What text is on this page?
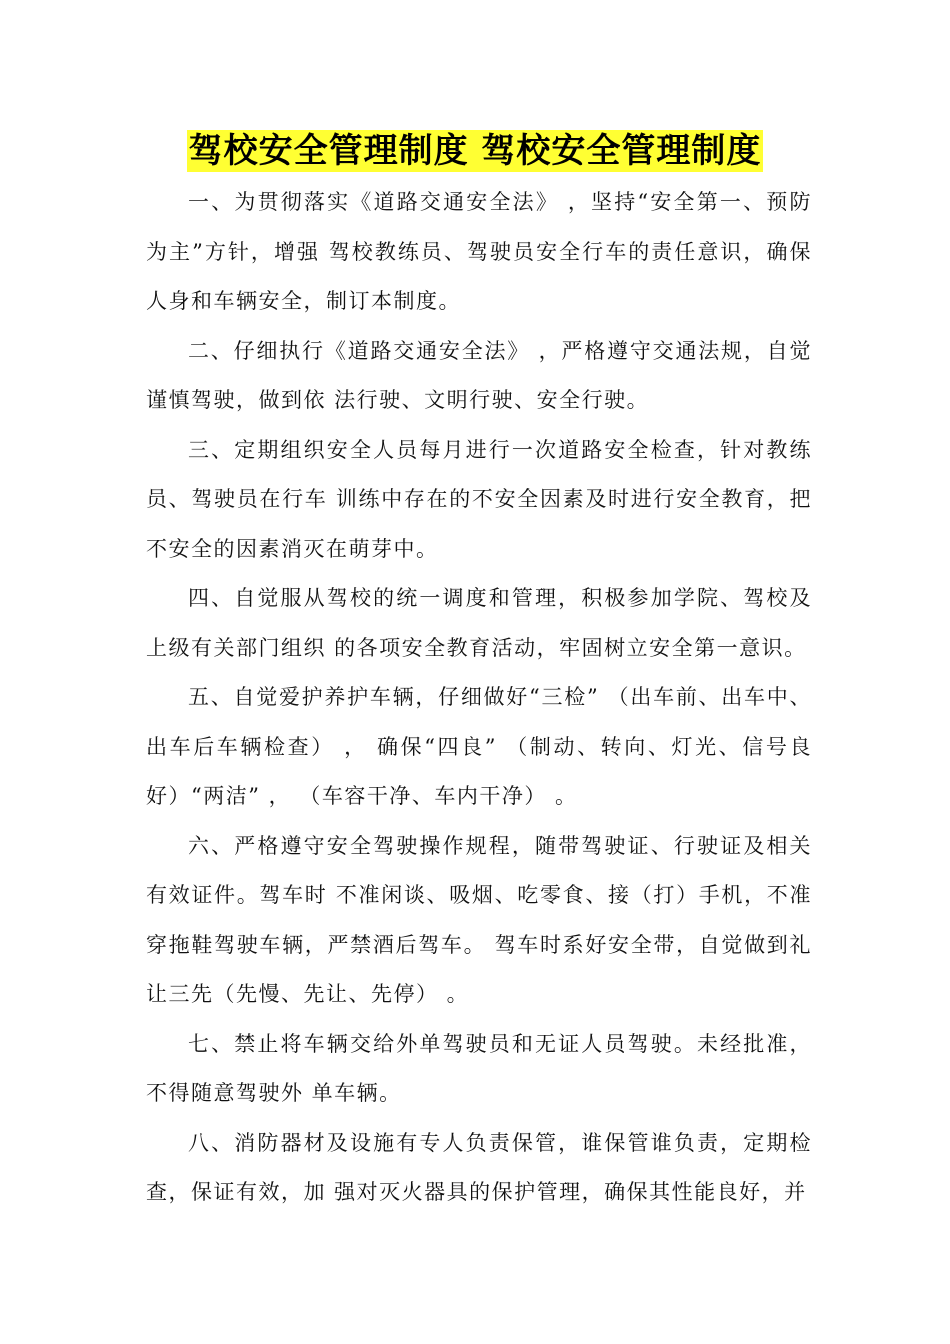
驾校安全管理制度 驾校安全管理制度

一、为贯彻落实《道路交通安全法》 ，坚持“安全第一、预防为主”方针，增强 驾校教练员、驾驶员安全行车的责任意识，确保人身和车辆安全，制订本制度。

二、仔细执行《道路交通安全法》 ，严格遵守交通法规，自觉谨慎驾驶，做到依 法行驶、文明行驶、安全行驶。

三、定期组织安全人员每月进行一次道路安全检查，针对教练员、驾驶员在行车 训练中存在的不安全因素及时进行安全教育，把不安全的因素消灭在萌芽中。

四、自觉服从驾校的统一调度和管理，积极参加学院、驾校及上级有关部门组织 的各项安全教育活动，牢固树立安全第一意识。

五、自觉爱护养护车辆，仔细做好“三检” （出车前、出车中、出车后车辆检查） ， 确保“四良” （制动、转向、灯光、信号良好）“两洁” ， （车容干净、车内干净） 。

六、严格遵守安全驾驶操作规程，随带驾驶证、行驶证及相关有效证件。驾车时 不准闲谈、吸烟、吃零食、接（打）手机，不准穿拖鞋驾驶车辆，严禁酒后驾车。 驾车时系好安全带，自觉做到礼让三先（先慢、先让、先停） 。

七、禁止将车辆交给外单驾驶员和无证人员驾驶。未经批准，不得随意驾驶外 单车辆。

八、消防器材及设施有专人负责保管，谁保管谁负责，定期检查，保证有效，加 强对灭火器具的保护管理，确保其性能良好，并
